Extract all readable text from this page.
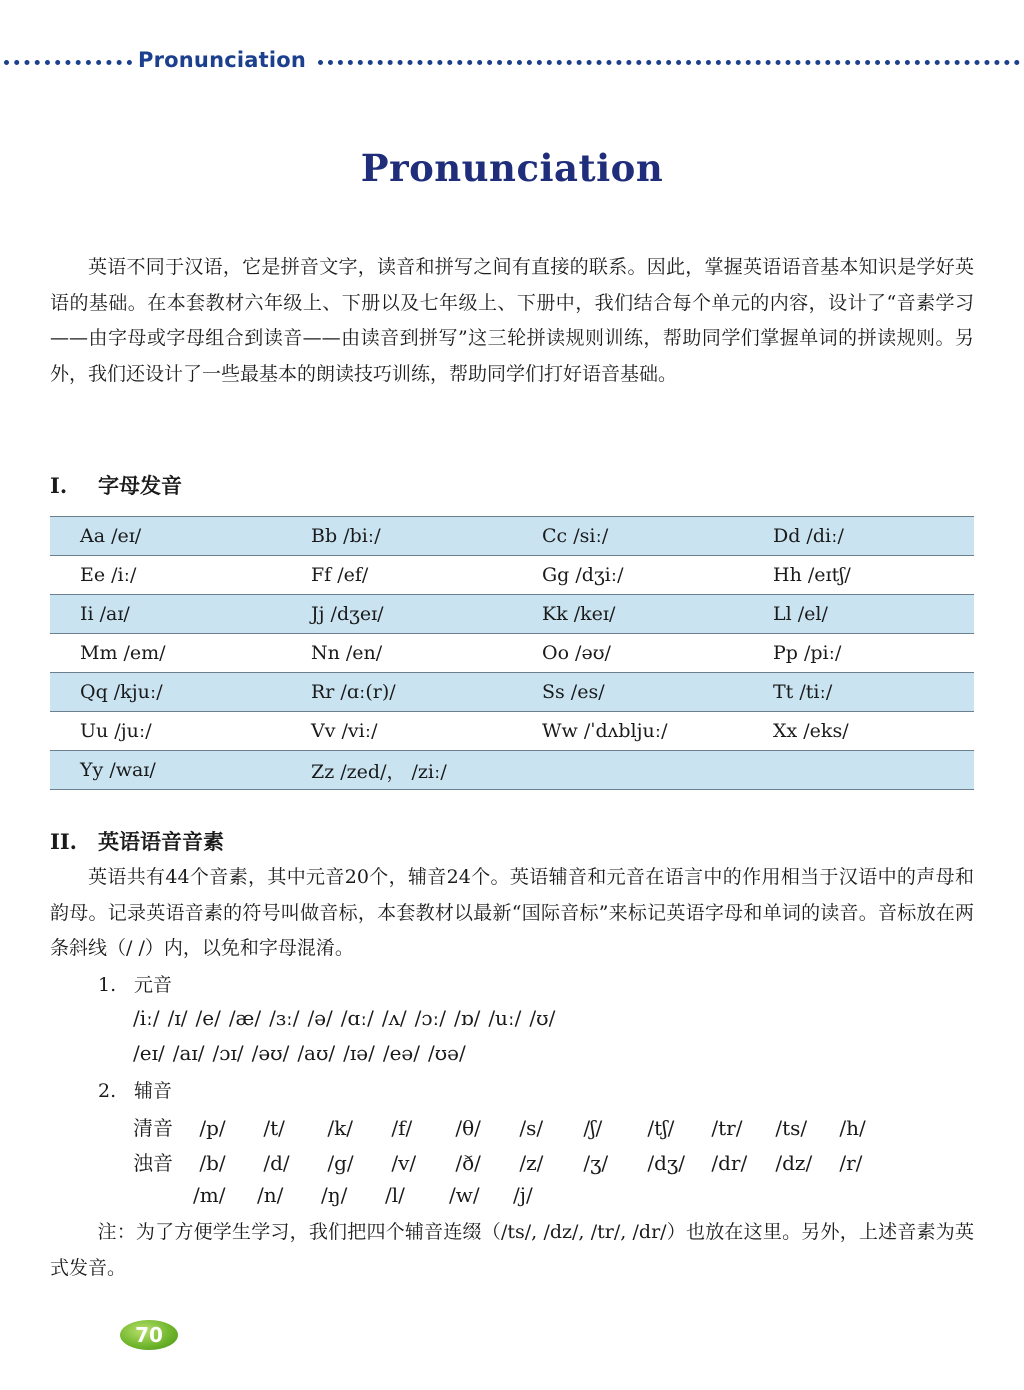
Pronunciation
Pronunciation

英语不同于汉语，它是拼音文字，读音和拼写之间有直接的联系。因此，掌握英语语音基本知识是学好英语的基础。在本套教材六年级上、下册以及七年级上、下册中，我们结合每个单元的内容，设计了“音素学习——由字母或字母组合到读音——由读音到拼写”这三轮拼读规则训练，帮助同学们掌握单词的拼读规则。另外，我们还设计了一些最基本的朗读技巧训练，帮助同学们打好语音基础。

I. 字母发音
Aa /eɪ/	Bb /biː/	Cc /siː/	Dd /diː/
Ee /iː/	Ff /ef/	Gg /dʒiː/	Hh /eɪtʃ/
Ii /aɪ/	Jj /dʒeɪ/	Kk /keɪ/	Ll /el/
Mm /em/	Nn /en/	Oo /əʊ/	Pp /piː/
Qq /kjuː/	Rr /ɑː(r)/	Ss /es/	Tt /tiː/
Uu /juː/	Vv /viː/	Ww /ˈdʌbljuː/	Xx /eks/
Yy /waɪ/	Zz /zed/， /ziː/		
II. 英语语音音素

英语共有44个音素，其中元音20个，辅音24个。英语辅音和元音在语言中的作用相当于汉语中的声母和韵母。记录英语音素的符号叫做音标，本套教材以最新“国际音标”来标记英语字母和单词的读音。音标放在两条斜线（/ /）内，以免和字母混淆。

1. 元音
/iː/ /ɪ/ /e/ /æ/ /ɜː/ /ə/ /ɑː/ /ʌ/ /ɔː/ /ɒ/ /uː/ /ʊ/
/eɪ/ /aɪ/ /ɔɪ/ /əʊ/ /aʊ/ /ɪə/ /eə/ /ʊə/
2. 辅音
清音 /p/ /t/ /k/ /f/ /θ/ /s/ /ʃ/ /tʃ/ /tr/ /ts/ /h/
浊音 /b/ /d/ /g/ /v/ /ð/ /z/ /ʒ/ /dʒ/ /dr/ /dz/ /r/
/m/ /n/ /ŋ/ /l/ /w/ /j/

注：为了方便学生学习，我们把四个辅音连缀（/ts/, /dz/, /tr/, /dr/）也放在这里。另外，上述音素为英式发音。

70
